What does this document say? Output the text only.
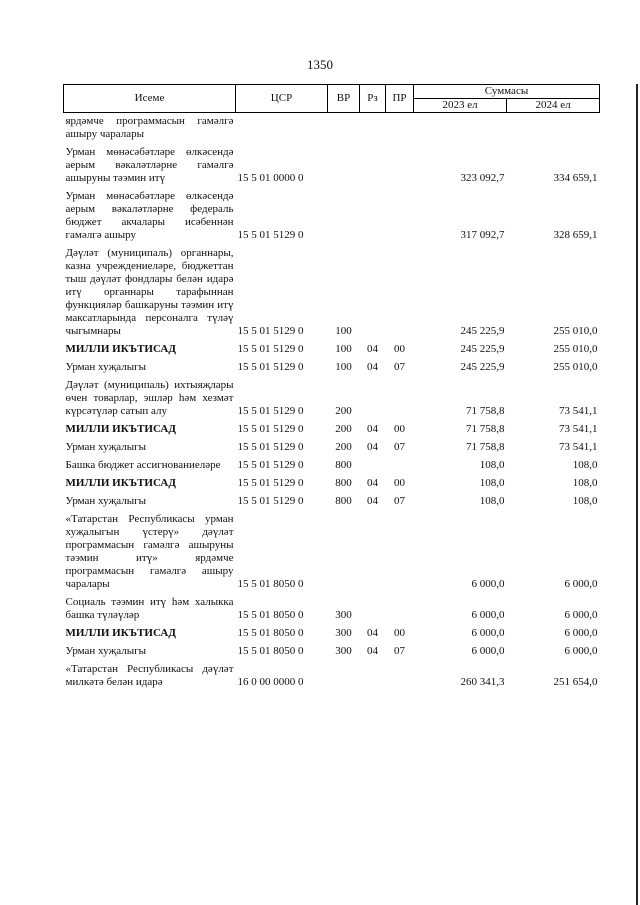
1350
Исеме	ЦСР	ВР	Рз	ПР	Суммасы	
					2023 ел	2024 ел
ярдәмче программасын гамәлгә ашыру чаралары						
Урман мөнәсәбәтләре өлкәсендә аерым вәкаләтләрне гамәлгә ашыруны тәэмин итү	15 5 01 0000 0				323 092,7	334 659,1
Урман мөнәсәбәтләре өлкәсендә аерым вәкаләтләрне федераль бюджет акчалары исәбеннән гамәлгә ашыру	15 5 01 5129 0				317 092,7	328 659,1
Дәүләт (муниципаль) органнары, казна учреждениеләре, бюджеттан тыш дәүләт фондлары белән идарә итү органнары тарафыннан функцияләр башкаруны тәэмин итү максатларында персоналга түләү чыгымнары	15 5 01 5129 0	100			245 225,9	255 010,0
МИЛЛИ ИКЪТИСАД	15 5 01 5129 0	100	04	00	245 225,9	255 010,0
Урман хуҗалыгы	15 5 01 5129 0	100	04	07	245 225,9	255 010,0
Дәүләт (муниципаль) ихтыяҗлары өчен товарлар, эшләр һәм хезмәт күрсәтүләр сатып алу	15 5 01 5129 0	200			71 758,8	73 541,1
МИЛЛИ ИКЪТИСАД	15 5 01 5129 0	200	04	00	71 758,8	73 541,1
Урман хуҗалыгы	15 5 01 5129 0	200	04	07	71 758,8	73 541,1
Башка бюджет ассигнованиеләре	15 5 01 5129 0	800			108,0	108,0
МИЛЛИ ИКЪТИСАД	15 5 01 5129 0	800	04	00	108,0	108,0
Урман хуҗалыгы	15 5 01 5129 0	800	04	07	108,0	108,0
«Татарстан Республикасы урман хуҗалыгын үстерү» дәүләт программасын гамәлгә ашыруны тәэмин итү» ярдәмче программасын гамәлгә ашыру чаралары	15 5 01 8050 0				6 000,0	6 000,0
Социаль тәэмин итү һәм халыкка башка түләүләр	15 5 01 8050 0	300			6 000,0	6 000,0
МИЛЛИ ИКЪТИСАД	15 5 01 8050 0	300	04	00	6 000,0	6 000,0
Урман хуҗалыгы	15 5 01 8050 0	300	04	07	6 000,0	6 000,0
«Татарстан Республикасы дәүләт милкәтә белән идарә	16 0 00 0000 0				260 341,3	251 654,0
